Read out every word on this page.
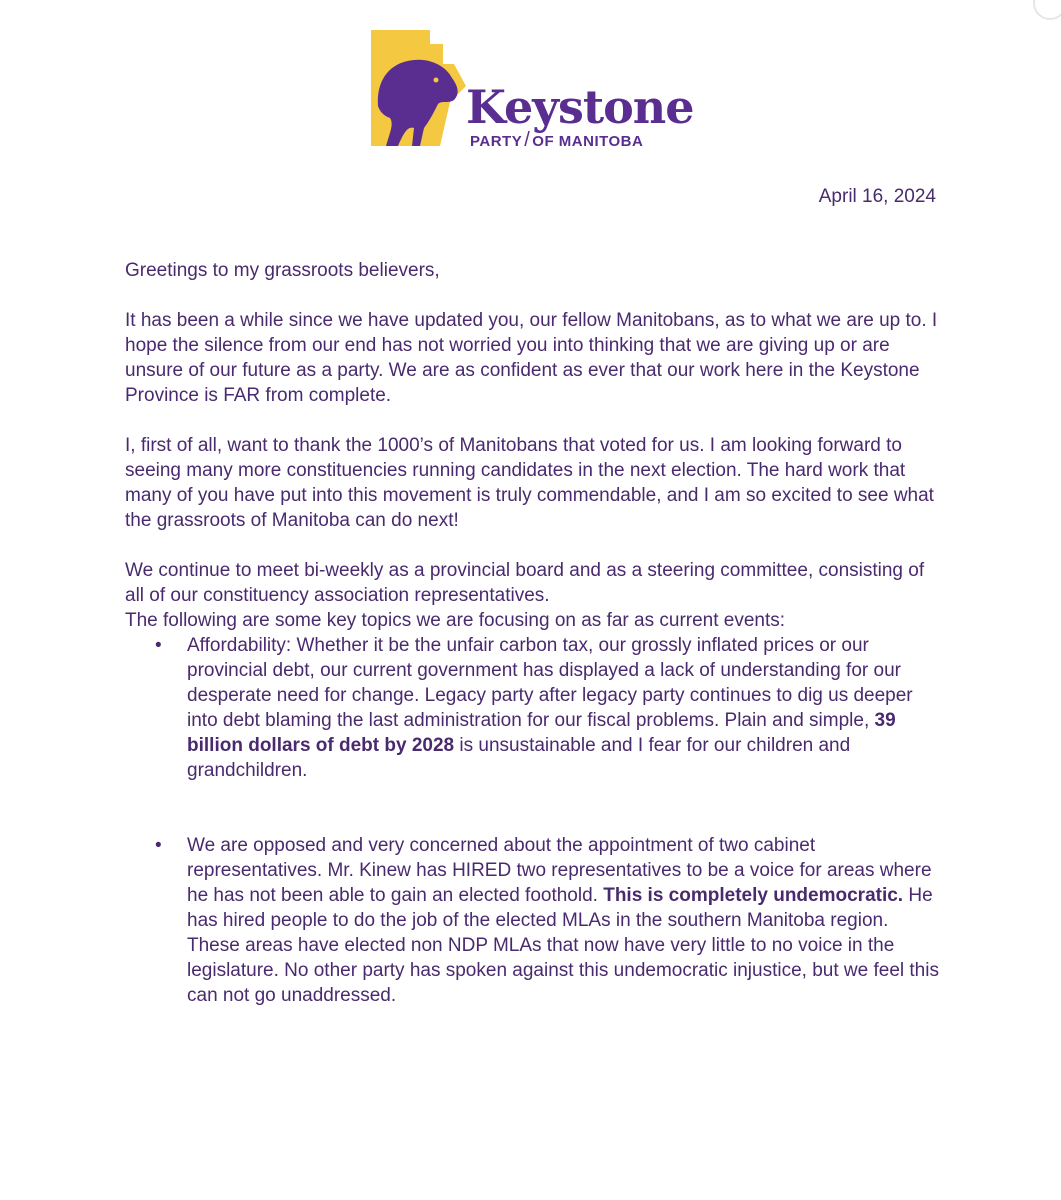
Keystone
PARTY / OF MANITOBA
April 16, 2024

Greetings to my grassroots believers,

It has been a while since we have updated you, our fellow Manitobans, as to what we are up to. I hope the silence from our end has not worried you into thinking that we are giving up or are unsure of our future as a party. We are as confident as ever that our work here in the Keystone Province is FAR from complete.

I, first of all, want to thank the 1000’s of Manitobans that voted for us. I am looking forward to seeing many more constituencies running candidates in the next election. The hard work that many of you have put into this movement is truly commendable, and I am so excited to see what the grassroots of Manitoba can do next!

We continue to meet bi-weekly as a provincial board and as a steering committee, consisting of all of our constituency association representatives.

The following are some key topics we are focusing on as far as current events:

• Affordability: Whether it be the unfair carbon tax, our grossly inflated prices or our provincial debt, our current government has displayed a lack of understanding for our desperate need for change. Legacy party after legacy party continues to dig us deeper into debt blaming the last administration for our fiscal problems. Plain and simple, 39 billion dollars of debt by 2028 is unsustainable and I fear for our children and grandchildren.
• We are opposed and very concerned about the appointment of two cabinet representatives. Mr. Kinew has HIRED two representatives to be a voice for areas where he has not been able to gain an elected foothold. This is completely undemocratic. He has hired people to do the job of the elected MLAs in the southern Manitoba region. These areas have elected non NDP MLAs that now have very little to no voice in the legislature. No other party has spoken against this undemocratic injustice, but we feel this can not go unaddressed.
